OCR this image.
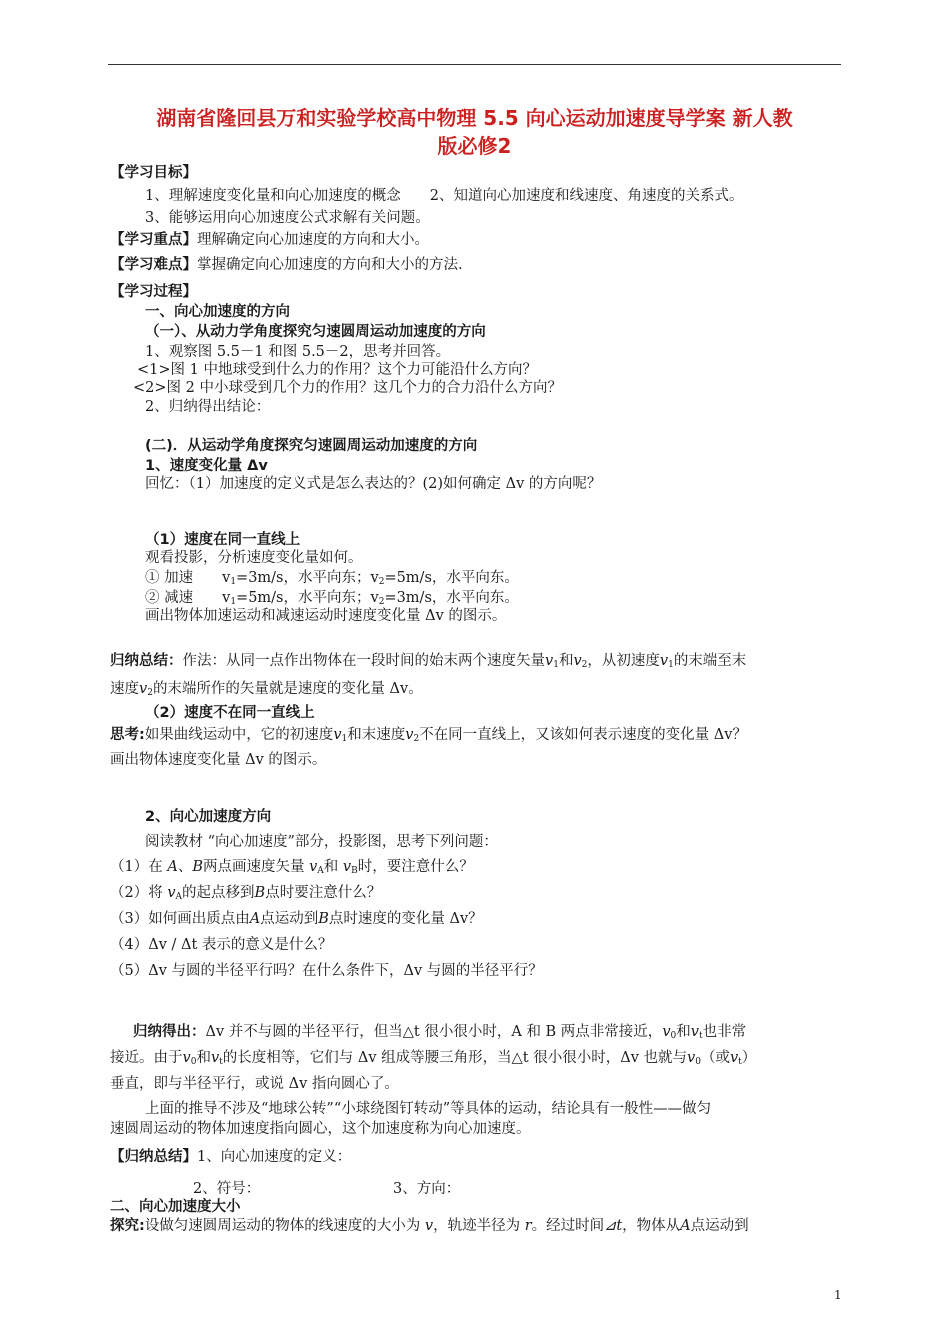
湖南省隆回县万和实验学校高中物理 5.5 向心运动加速度导学案 新人教
版必修2
【学习目标】
1、理解速度变化量和向心加速度的概念　　2、知道向心加速度和线速度、角速度的关系式。
3、能够运用向心加速度公式求解有关问题。
【学习重点】理解确定向心加速度的方向和大小。
【学习难点】掌握确定向心加速度的方向和大小的方法.
【学习过程】
一、向心加速度的方向
（一）、从动力学角度探究匀速圆周运动加速度的方向
1、观察图 5.5－1 和图 5.5－2，思考并回答。
<1>图 1 中地球受到什么力的作用？这个力可能沿什么方向？
<2>图 2 中小球受到几个力的作用？这几个力的合力沿什么方向？
2、归纳得出结论：
(二)．从运动学角度探究匀速圆周运动加速度的方向
1、速度变化量 Δv
回忆：（1）加速度的定义式是怎么表达的？(2)如何确定 Δv 的方向呢？
（1）速度在同一直线上
观看投影，分析速度变化量如何。
① 加速　　$v_1=3m/s$，水平向东；$v_2=5m/s$，水平向东。
② 减速　　$v_1=5m/s$，水平向东；$v_2=3m/s$，水平向东。
画出物体加速运动和减速运动时速度变化量 Δv 的图示。
归纳总结：作法：从同一点作出物体在一段时间的始末两个速度矢量$v_1$和$v_2$，从初速度$v_1$的末端至末
速度$v_2$的末端所作的矢量就是速度的变化量 Δv。
（2）速度不在同一直线上
思考:如果曲线运动中，它的初速度$v_1$和末速度$v_2$不在同一直线上，又该如何表示速度的变化量 Δv？
画出物体速度变化量 Δv 的图示。
2、向心加速度方向
阅读教材 “向心加速度”部分，投影图，思考下列问题：
（1）在 A、B两点画速度矢量 $v_A$和 $v_B$时，要注意什么？
（2）将 $v_A$的起点移到B点时要注意什么？
（3）如何画出质点由A点运动到B点时速度的变化量 Δv？
（4）Δv / Δt 表示的意义是什么？
（5）Δv 与圆的半径平行吗？在什么条件下，Δv 与圆的半径平行？
归纳得出：Δv 并不与圆的半径平行，但当△t 很小很小时，A 和 B 两点非常接近，$v_0$和$v_t$也非常
接近。由于$v_0$和$v_t$的长度相等，它们与 Δv 组成等腰三角形，当△t 很小很小时，Δv 也就与$v_0$（或$v_t$）
垂直，即与半径平行，或说 Δv 指向圆心了。
上面的推导不涉及“地球公转”“小球绕图钉转动”等具体的运动，结论具有一般性——做匀
速圆周运动的物体加速度指向圆心，这个加速度称为向心加速度。
【归纳总结】1、向心加速度的定义：
2、符号：	3、方向：
二、向心加速度大小
探究:设做匀速圆周运动的物体的线速度的大小为 v，轨迹半径为 r。经过时间⊿t，物体从A点运动到
1
